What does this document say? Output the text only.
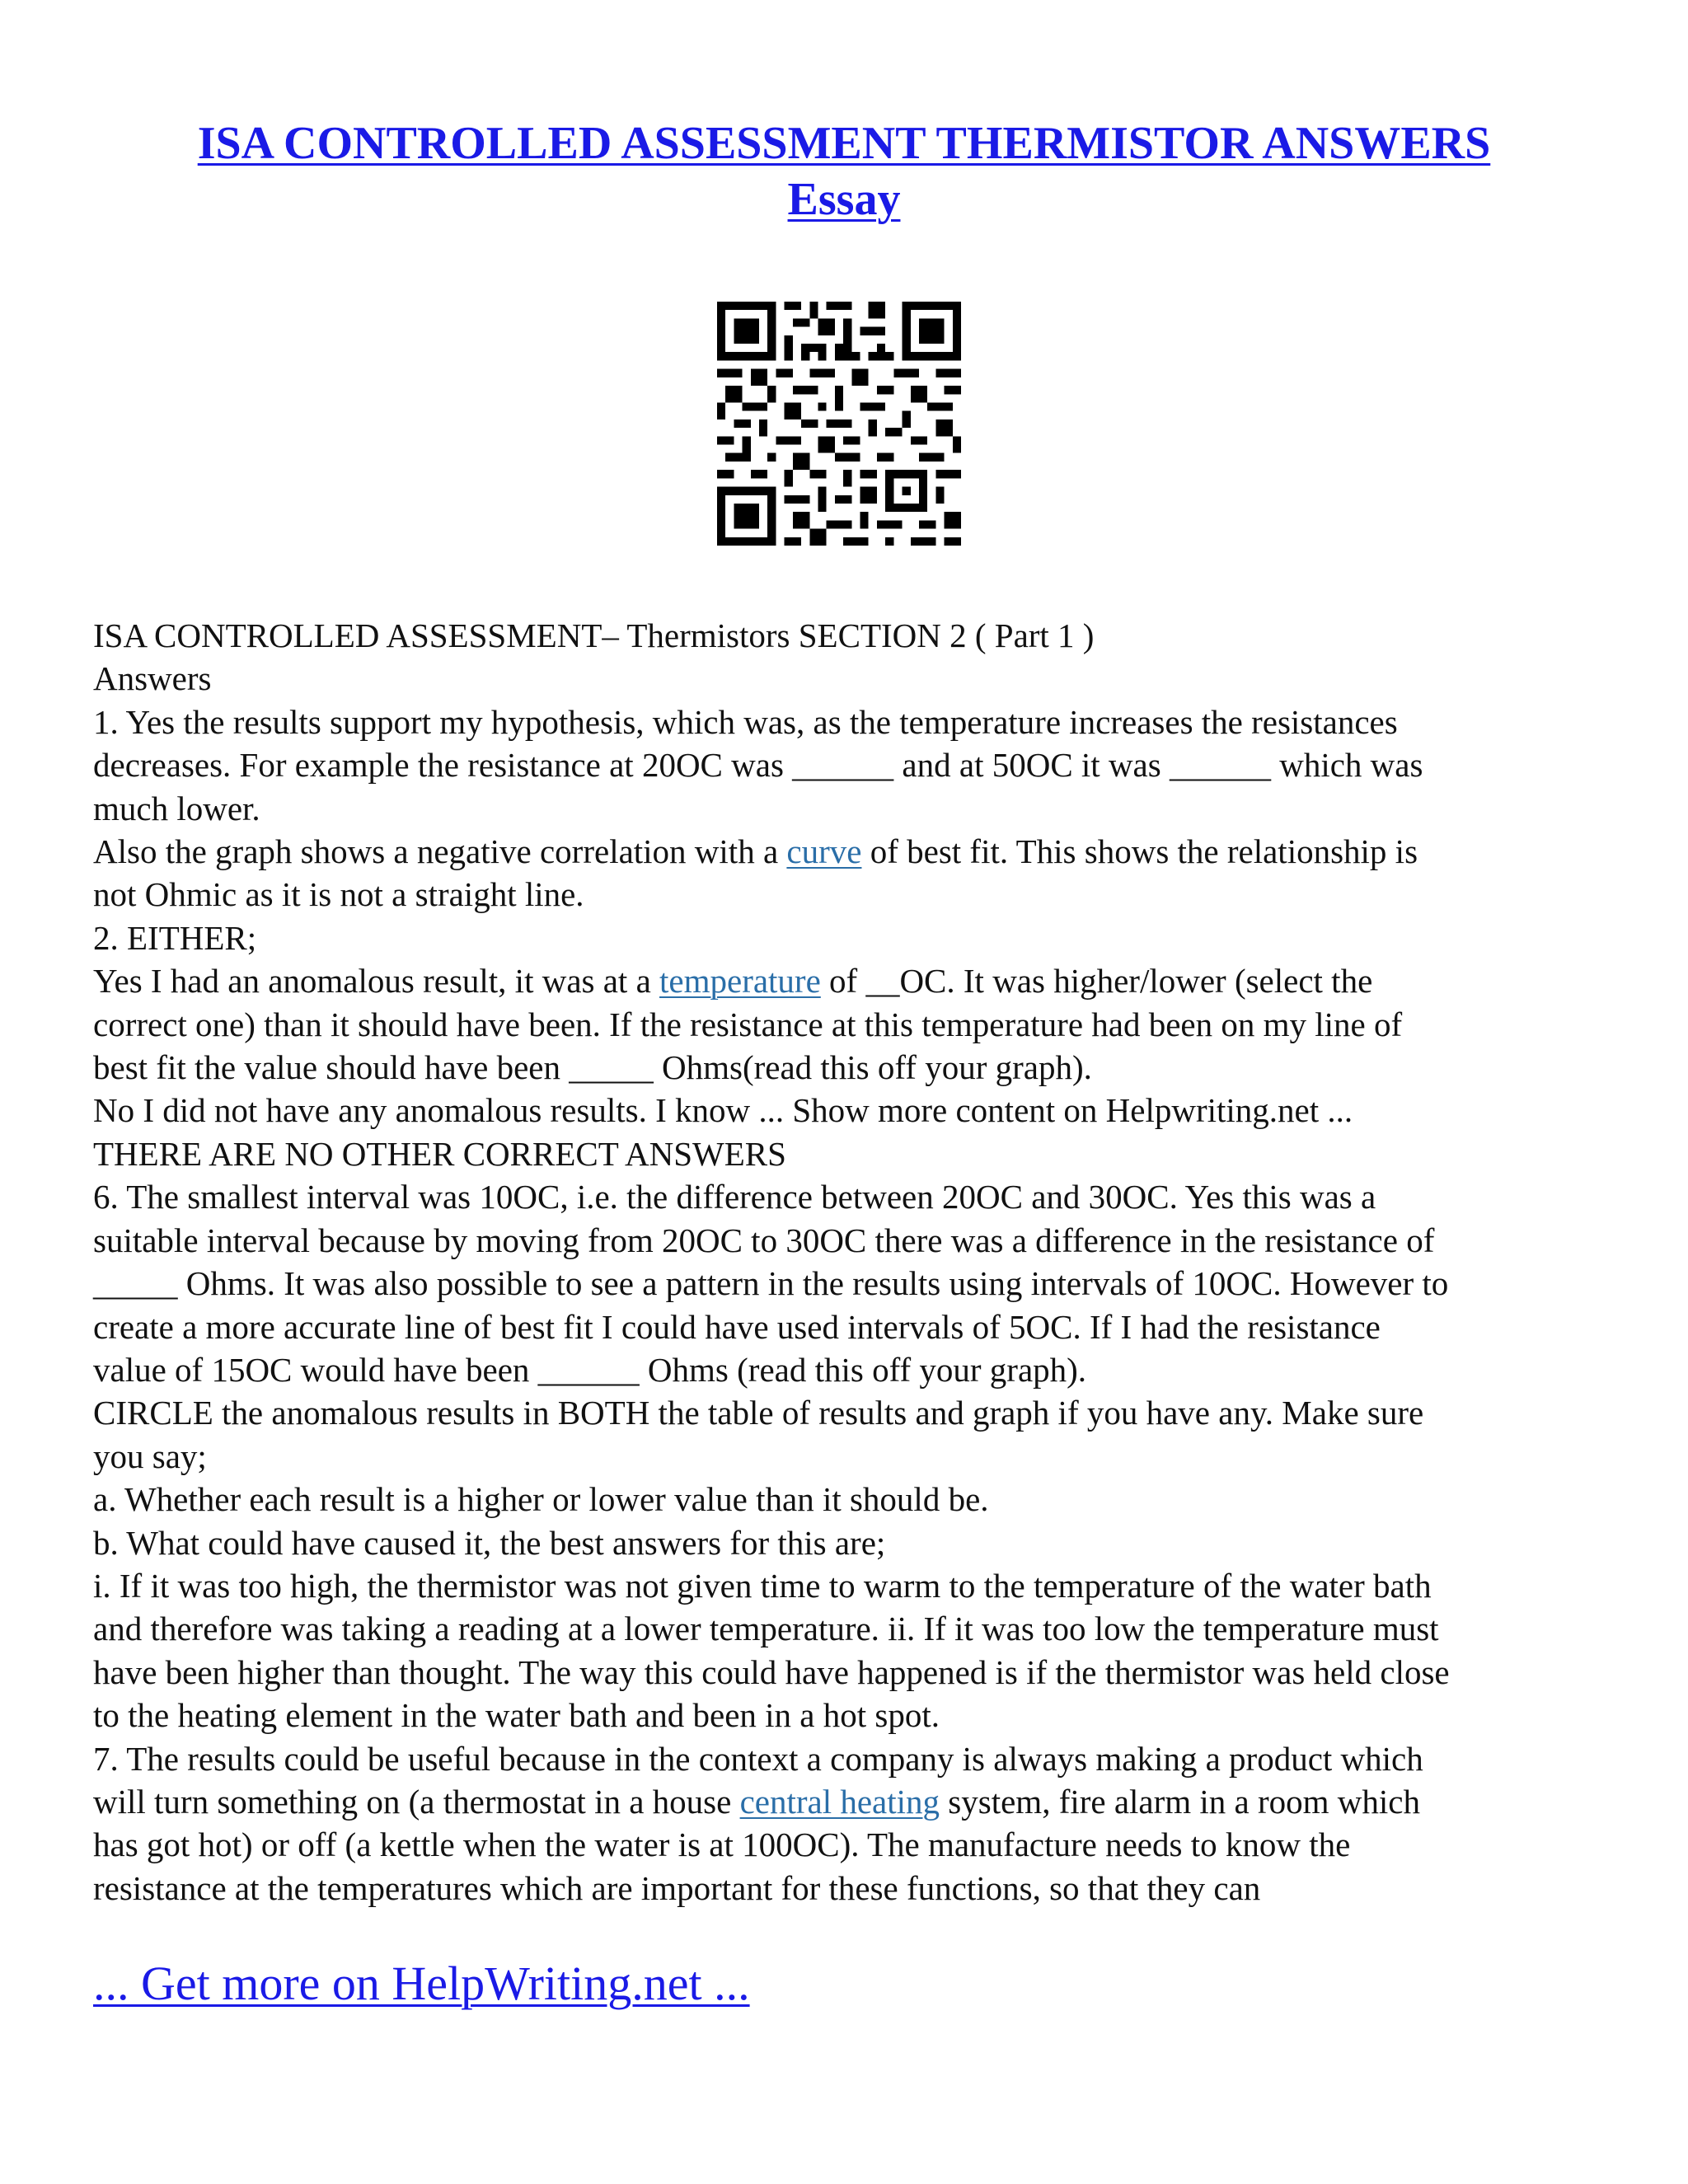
ISA CONTROLLED ASSESSMENT THERMISTOR ANSWERS
Essay

ISA CONTROLLED ASSESSMENT– Thermistors SECTION 2 ( Part 1 )

Answers

1. Yes the results support my hypothesis, which was, as the temperature increases the resistances

decreases. For example the resistance at 20OC was ______ and at 50OC it was ______ which was

much lower.

Also the graph shows a negative correlation with a curve of best fit. This shows the relationship is

not Ohmic as it is not a straight line.

2. EITHER;

Yes I had an anomalous result, it was at a temperature of __OC. It was higher/lower (select the

correct one) than it should have been. If the resistance at this temperature had been on my line of

best fit the value should have been _____ Ohms(read this off your graph).

No I did not have any anomalous results. I know ... Show more content on Helpwriting.net ...

THERE ARE NO OTHER CORRECT ANSWERS

6. The smallest interval was 10OC, i.e. the difference between 20OC and 30OC. Yes this was a

suitable interval because by moving from 20OC to 30OC there was a difference in the resistance of

_____ Ohms. It was also possible to see a pattern in the results using intervals of 10OC. However to

create a more accurate line of best fit I could have used intervals of 5OC. If I had the resistance

value of 15OC would have been ______ Ohms (read this off your graph).

CIRCLE the anomalous results in BOTH the table of results and graph if you have any. Make sure

you say;

a. Whether each result is a higher or lower value than it should be.

b. What could have caused it, the best answers for this are;

i. If it was too high, the thermistor was not given time to warm to the temperature of the water bath

and therefore was taking a reading at a lower temperature. ii. If it was too low the temperature must

have been higher than thought. The way this could have happened is if the thermistor was held close

to the heating element in the water bath and been in a hot spot.

7. The results could be useful because in the context a company is always making a product which

will turn something on (a thermostat in a house central heating system, fire alarm in a room which

has got hot) or off (a kettle when the water is at 100OC). The manufacture needs to know the

resistance at the temperatures which are important for these functions, so that they can

... Get more on HelpWriting.net ...
